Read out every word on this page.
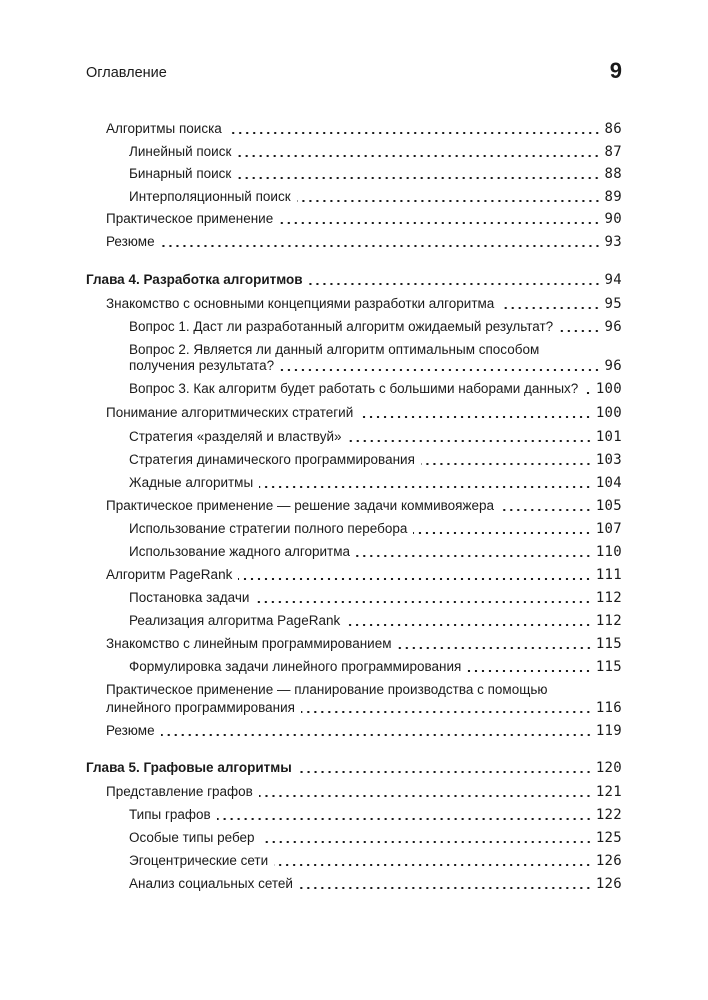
Оглавление	9
Алгоритмы поиска	86
Линейный поиск	87
Бинарный поиск	88
Интерполяционный поиск	89
Практическое применение	90
Резюме	93
Глава 4. Разработка алгоритмов	94
Знакомство с основными концепциями разработки алгоритма	95
Вопрос 1. Даст ли разработанный алгоритм ожидаемый результат?	96
Вопрос 2. Является ли данный алгоритм оптимальным способом
получения результата?	96
Вопрос 3. Как алгоритм будет работать с большими наборами данных? 100
Понимание алгоритмических стратегий	100
Стратегия «разделяй и властвуй»	101
Стратегия динамического программирования	103
Жадные алгоритмы	104
Практическое применение — решение задачи коммивояжера	105
Использование стратегии полного перебора	107
Использование жадного алгоритма	110
Алгоритм PageRank	111
Постановка задачи	112
Реализация алгоритма PageRank	112
Знакомство с линейным программированием	115
Формулировка задачи линейного программирования	115
Практическое применение — планирование производства с помощью
линейного программирования	116
Резюме	119
Глава 5. Графовые алгоритмы	120
Представление графов	121
Типы графов	122
Особые типы ребер	125
Эгоцентрические сети	126
Анализ социальных сетей	126
